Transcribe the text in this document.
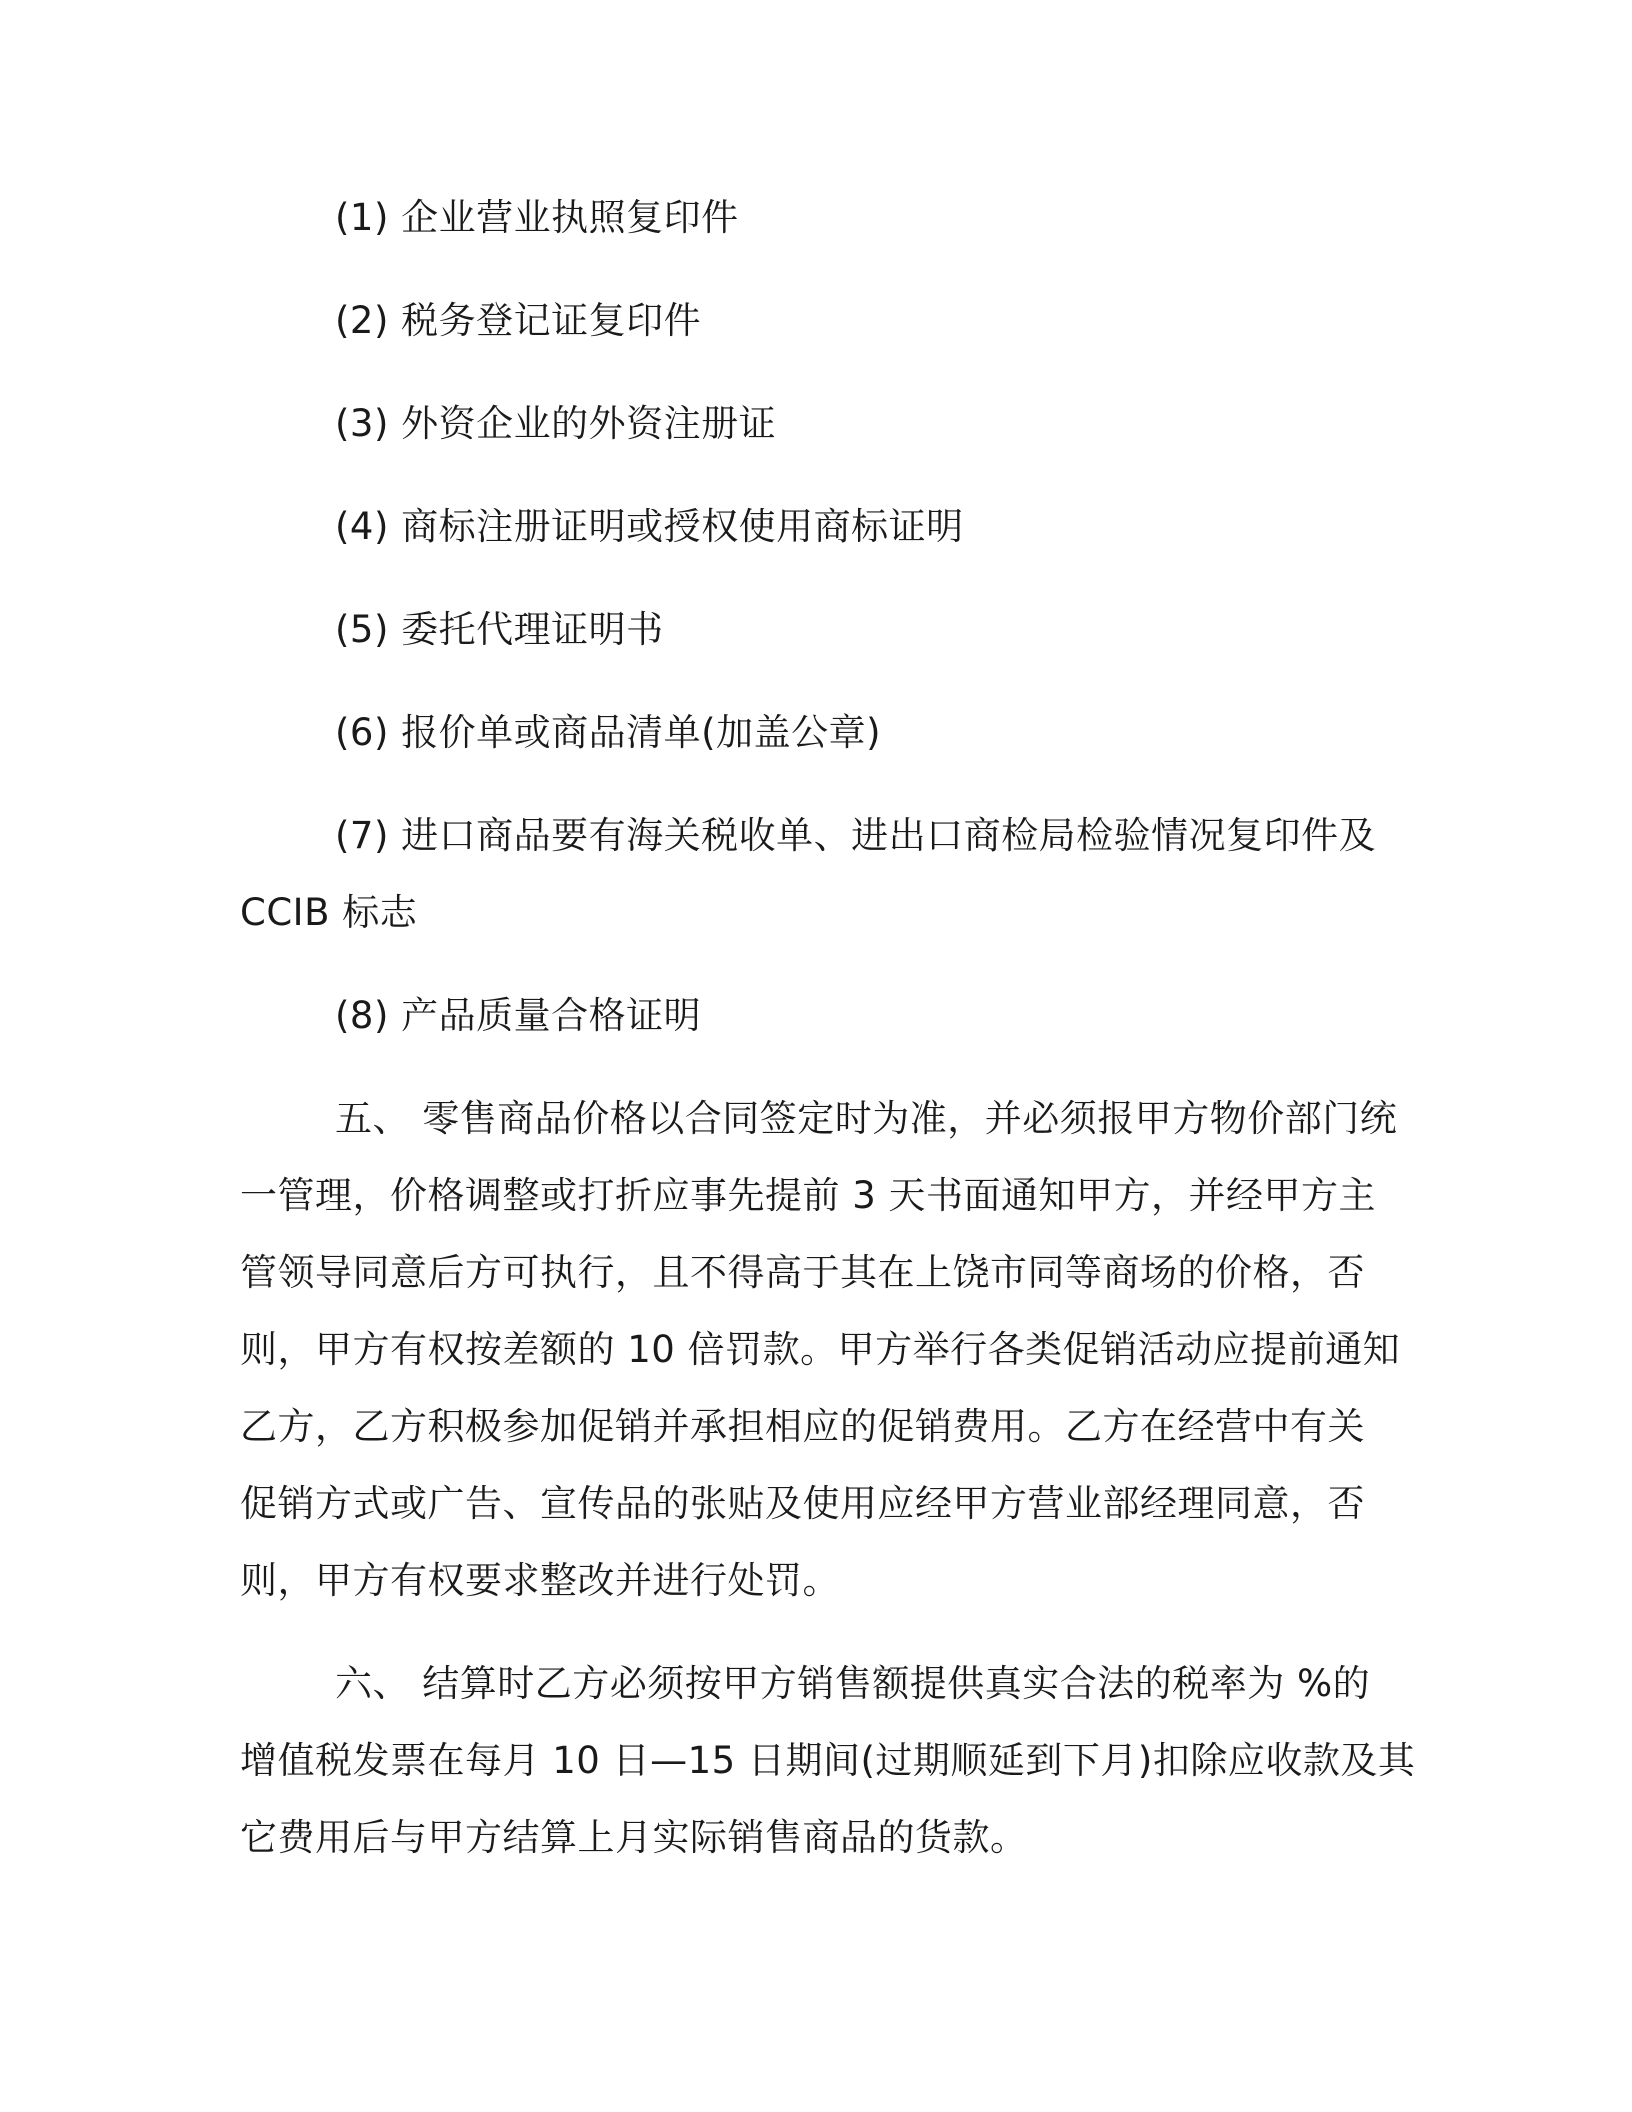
(1) 企业营业执照复印件

(2) 税务登记证复印件

(3) 外资企业的外资注册证

(4) 商标注册证明或授权使用商标证明

(5) 委托代理证明书

(6) 报价单或商品清单(加盖公章)

(7) 进口商品要有海关税收单、进出口商检局检验情况复印件及

CCIB 标志

(8) 产品质量合格证明

五、 零售商品价格以合同签定时为准，并必须报甲方物价部门统

一管理，价格调整或打折应事先提前 3 天书面通知甲方，并经甲方主

管领导同意后方可执行，且不得高于其在上饶市同等商场的价格，否

则，甲方有权按差额的 10 倍罚款。甲方举行各类促销活动应提前通知

乙方，乙方积极参加促销并承担相应的促销费用。乙方在经营中有关

促销方式或广告、宣传品的张贴及使用应经甲方营业部经理同意，否

则，甲方有权要求整改并进行处罚。

六、 结算时乙方必须按甲方销售额提供真实合法的税率为 %的

增值税发票在每月 10 日—15 日期间(过期顺延到下月)扣除应收款及其

它费用后与甲方结算上月实际销售商品的货款。
